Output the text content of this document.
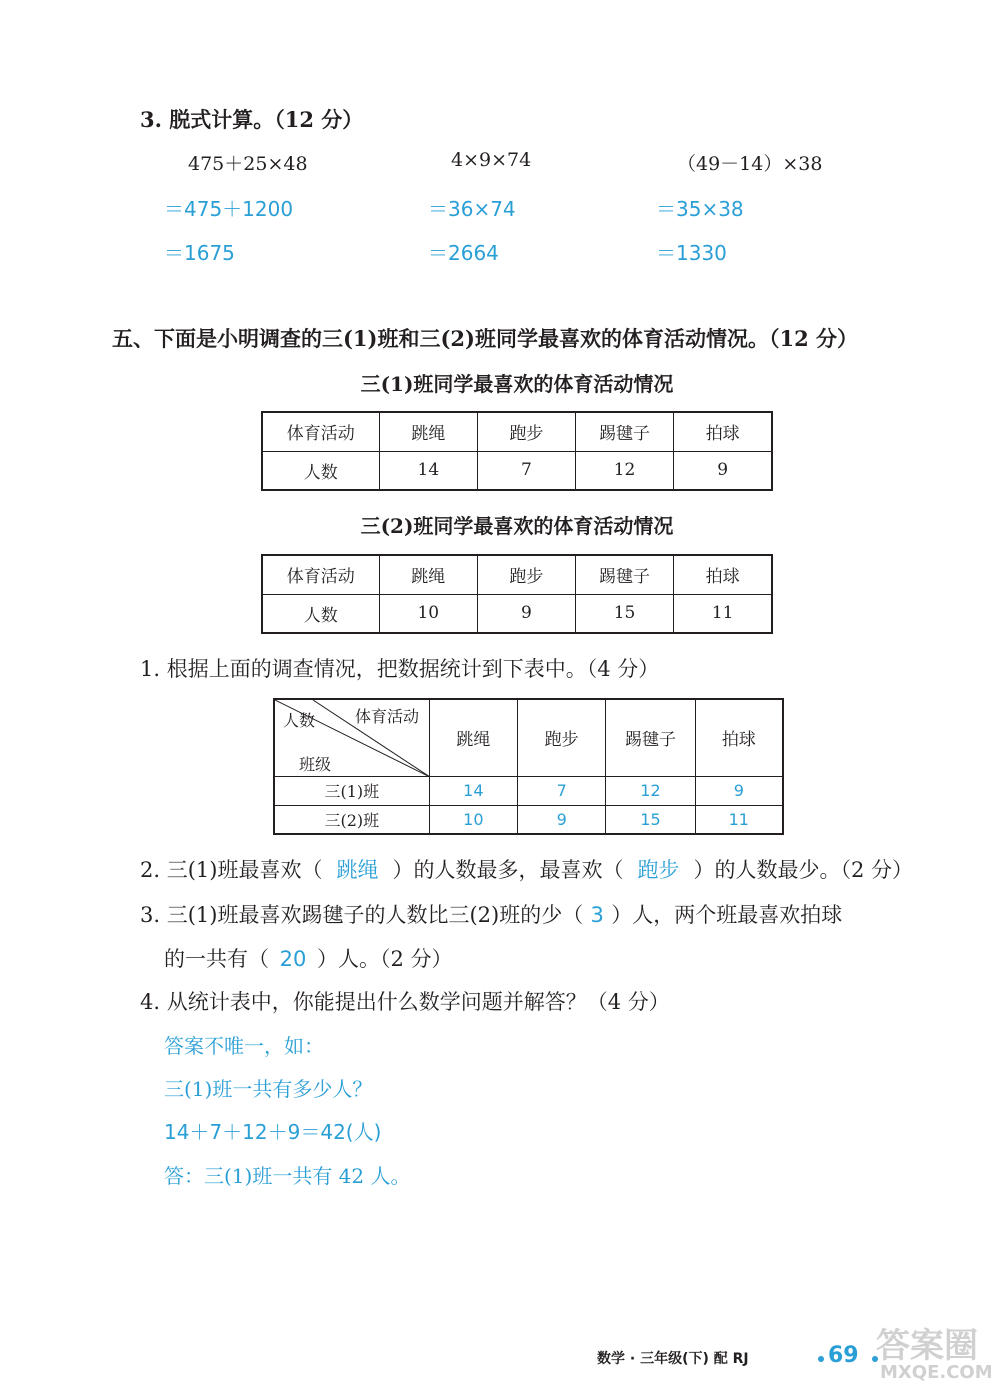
3. 脱式计算。（12 分）
475＋25×48	4×9×74	（49－14）×38
＝475＋1200	＝36×74	＝35×38
＝1675	＝2664	＝1330
五、下面是小明调查的三(1)班和三(2)班同学最喜欢的体育活动情况。（12 分）
三(1)班同学最喜欢的体育活动情况
体育活动	跳绳	跑步	踢毽子	拍球
人数	14	7	12	9
三(2)班同学最喜欢的体育活动情况
体育活动	跳绳	跑步	踢毽子	拍球
人数	10	9	15	11
1. 根据上面的调查情况，把数据统计到下表中。（4 分）
体育活动
人数
班级	跳绳	跑步	踢毽子	拍球
三(1)班	14	7	12	9
三(2)班	10	9	15	11
2. 三(1)班最喜欢（ 跳绳 ）的人数最多，最喜欢（ 跑步 ）的人数最少。（2 分）
3. 三(1)班最喜欢踢毽子的人数比三(2)班的少（ 3 ）人，两个班最喜欢拍球
的一共有（ 20 ）人。（2 分）
4. 从统计表中，你能提出什么数学问题并解答？（4 分）
答案不唯一，如：
三(1)班一共有多少人？
14＋7＋12＋9＝42(人)
答：三(1)班一共有 42 人。
数学 · 三年级(下) 配 RJ	69 答案圈
MXQE.COM
